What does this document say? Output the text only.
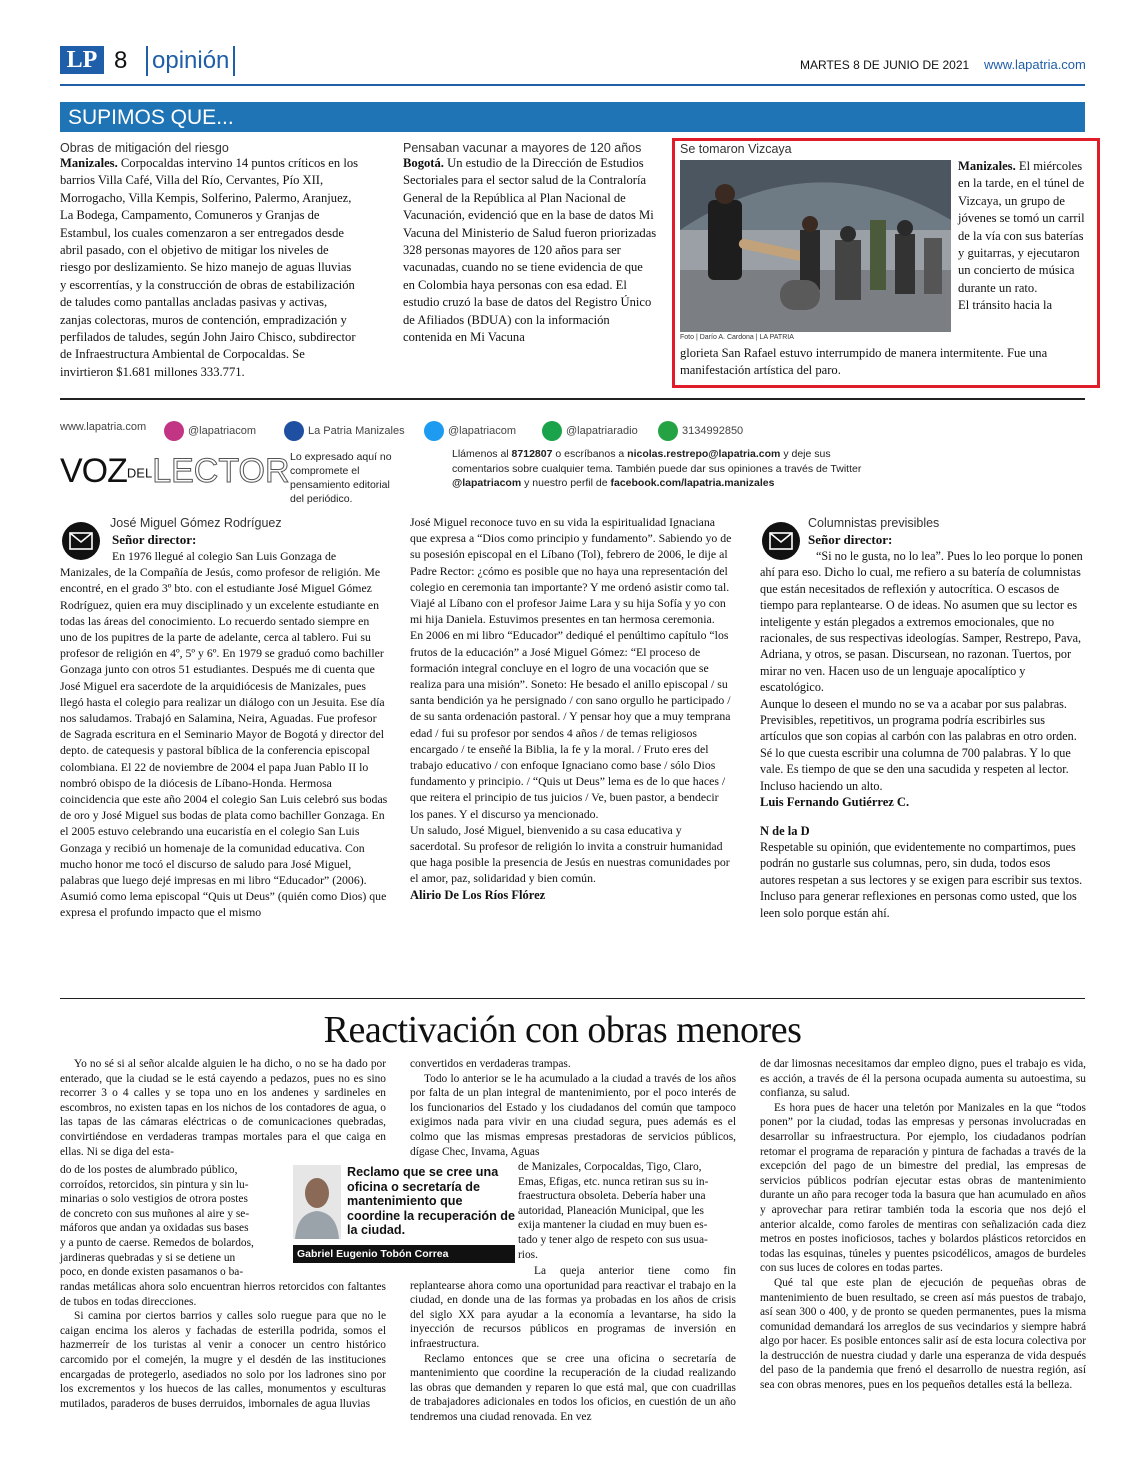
LP 8 opinión	MARTES 8 DE JUNIO DE 2021 www.lapatria.com
SUPIMOS QUE...
Obras de mitigación del riesgo

Manizales. Corpocaldas intervino 14 puntos críticos en los barrios Villa Café, Villa del Río, Cervantes, Pío XII, Morrogacho, Villa Kempis, Solferino, Palermo, Aranjuez, La Bodega, Campamento, Comuneros y Granjas de Estambul, los cuales comenzaron a ser entregados desde abril pasado, con el objetivo de mitigar los niveles de riesgo por deslizamiento. Se hizo manejo de aguas lluvias y escorrentías, y la construcción de obras de estabilización de taludes como pantallas ancladas pasivas y activas, zanjas colectoras, muros de contención, empradización y perfilados de taludes, según John Jairo Chisco, subdirector de Infraestructura Ambiental de Corpocaldas. Se invirtieron $1.681 millones 333.771.

Pensaban vacunar a mayores de 120 años

Bogotá. Un estudio de la Dirección de Estudios Sectoriales para el sector salud de la Contraloría General de la República al Plan Nacional de Vacunación, evidenció que en la base de datos Mi Vacuna del Ministerio de Salud fueron priorizadas 328 personas mayores de 120 años para ser vacunadas, cuando no se tiene evidencia de que en Colombia haya personas con esa edad. El estudio cruzó la base de datos del Registro Único de Afiliados (BDUA) con la información contenida en Mi Vacuna

Se tomaron Vizcaya
Foto | Darío A. Cardona | LA PATRIA

Manizales. El miércoles en la tarde, en el túnel de Vizcaya, un grupo de jóvenes se tomó un carril de la vía con sus baterías y guitarras, y ejecutaron un concierto de música durante un rato.

El tránsito hacia la

glorieta San Rafael estuvo interrumpido de manera intermitente. Fue una manifestación artística del paro.

www.lapatria.com	@lapatriacom	La Patria Manizales	@lapatriacom	@lapatriaradio	3134992850
VOZDELLECTOR Lo expresado aquí no compromete el pensamiento editorial del periódico.
Llámenos al 8712807 o escríbanos a nicolas.restrepo@lapatria.com y deje sus comentarios sobre cualquier tema. También puede dar sus opiniones a través de Twitter @lapatriacom y nuestro perfil de facebook.com/lapatria.manizales
José Miguel Gómez Rodríguez
Señor director:

En 1976 llegué al colegio San Luis Gonzaga de Manizales, de la Compañía de Jesús, como profesor de religión. Me encontré, en el grado 3º bto. con el estudiante José Miguel Gómez Rodríguez, quien era muy disciplinado y un excelente estudiante en todas las áreas del conocimiento. Lo recuerdo sentado siempre en uno de los pupitres de la parte de adelante, cerca al tablero. Fui su profesor de religión en 4º, 5º y 6º. En 1979 se graduó como bachiller Gonzaga junto con otros 51 estudiantes. Después me di cuenta que José Miguel era sacerdote de la arquidiócesis de Manizales, pues llegó hasta el colegio para realizar un diálogo con un Jesuita. Ese día nos saludamos. Trabajó en Salamina, Neira, Aguadas. Fue profesor de Sagrada escritura en el Seminario Mayor de Bogotá y director del depto. de catequesis y pastoral bíblica de la conferencia episcopal colombiana. El 22 de noviembre de 2004 el papa Juan Pablo II lo nombró obispo de la diócesis de Líbano-Honda. Hermosa coincidencia que este año 2004 el colegio San Luis celebró sus bodas de oro y José Miguel sus bodas de plata como bachiller Gonzaga. En el 2005 estuvo celebrando una eucaristía en el colegio San Luis Gonzaga y recibió un homenaje de la comunidad educativa. Con mucho honor me tocó el discurso de saludo para José Miguel, palabras que luego dejé impresas en mi libro “Educador” (2006).

Asumió como lema episcopal “Quis ut Deus” (quién como Dios) que expresa el profundo impacto que el mismo

José Miguel reconoce tuvo en su vida la espiritualidad Ignaciana que expresa a “Dios como principio y fundamento”. Sabiendo yo de su posesión episcopal en el Líbano (Tol), febrero de 2006, le dije al Padre Rector: ¿cómo es posible que no haya una representación del colegio en ceremonia tan importante? Y me ordenó asistir como tal. Viajé al Líbano con el profesor Jaime Lara y su hija Sofía y yo con mi hija Daniela. Estuvimos presentes en tan hermosa ceremonia.

En 2006 en mi libro “Educador” dediqué el penúltimo capítulo “los frutos de la educación” a José Miguel Gómez: “El proceso de formación integral concluye en el logro de una vocación que se realiza para una misión”. Soneto: He besado el anillo episcopal / su santa bendición ya he persignado / con sano orgullo he participado / de su santa ordenación pastoral. / Y pensar hoy que a muy temprana edad / fui su profesor por sendos 4 años / de temas religiosos encargado / te enseñé la Biblia, la fe y la moral. / Fruto eres del trabajo educativo / con enfoque Ignaciano como base / sólo Dios fundamento y principio. / “Quis ut Deus” lema es de lo que haces / que reitera el principio de tus juicios / Ve, buen pastor, a bendecir los panes. Y el discurso ya mencionado.

Un saludo, José Miguel, bienvenido a su casa educativa y sacerdotal. Su profesor de religión lo invita a construir humanidad que haga posible la presencia de Jesús en nuestras comunidades por el amor, paz, solidaridad y bien común.

Alirio De Los Ríos Flórez

Columnistas previsibles
Señor director:

“Si no le gusta, no lo lea”. Pues lo leo porque lo ponen ahí para eso. Dicho lo cual, me refiero a su batería de columnistas que están necesitados de reflexión y autocrítica. O escasos de tiempo para replantearse. O de ideas. No asumen que su lector es inteligente y están plegados a extremos emocionales, que no racionales, de sus respectivas ideologías. Samper, Restrepo, Pava, Adriana, y otros, se pasan. Discursean, no razonan. Tuertos, por mirar no ven. Hacen uso de un lenguaje apocalíptico y escatológico.

Aunque lo deseen el mundo no se va a acabar por sus palabras. Previsibles, repetitivos, un programa podría escribirles sus artículos que son copias al carbón con las palabras en otro orden. Sé lo que cuesta escribir una columna de 700 palabras. Y lo que vale. Es tiempo de que se den una sacudida y respeten al lector. Incluso haciendo un alto.

Luis Fernando Gutiérrez C.

N de la D

Respetable su opinión, que evidentemente no compartimos, pues podrán no gustarle sus columnas, pero, sin duda, todos esos autores respetan a sus lectores y se exigen para escribir sus textos. Incluso para generar reflexiones en personas como usted, que los leen solo porque están ahí.

Reactivación con obras menores

Yo no sé si al señor alcalde alguien le ha dicho, o no se ha dado por enterado, que la ciudad se le está cayendo a pedazos, pues no es sino recorrer 3 o 4 calles y se topa uno en los andenes y sardineles en escombros, no existen tapas en los nichos de los contadores de agua, o las tapas de las cámaras eléctricas o de comunicaciones quebradas, convirtiéndose en verdaderas trampas mortales para el que caiga en ellas. Ni se diga del esta-

do de los postes de alumbrado público,

corroídos, retorcidos, sin pintura y sin lu-

minarias o solo vestigios de otrora postes

de concreto con sus muñones al aire y se-

máforos que andan ya oxidadas sus bases

y a punto de caerse. Remedos de bolardos,

jardineras quebradas y si se detiene un

poco, en donde existen pasamanos o ba-

randas metálicas ahora solo encuentran hierros retorcidos con faltantes de tubos en todas direcciones.

Si camina por ciertos barrios y calles solo ruegue para que no le caigan encima los aleros y fachadas de esterilla podrida, somos el hazmerreír de los turistas al venir a conocer un centro histórico carcomido por el comején, la mugre y el desdén de las instituciones encargadas de protegerlo, asediados no solo por los ladrones sino por los excrementos y los huecos de las calles, monumentos y esculturas mutilados, paraderos de buses derruidos, imbornales de agua lluvias

Reclamo que se cree una oficina o secretaría de mantenimiento que coordine la recuperación de la ciudad.
Gabriel Eugenio Tobón Correa

convertidos en verdaderas trampas.

Todo lo anterior se le ha acumulado a la ciudad a través de los años por falta de un plan integral de mantenimiento, por el poco interés de los funcionarios del Estado y los ciudadanos del común que tampoco exigimos nada para vivir en una ciudad segura, pues además es el colmo que las mismas empresas prestadoras de servicios públicos, dígase Chec, Invama, Aguas

de Manizales, Corpocaldas, Tigo, Claro,

Emas, Efigas, etc. nunca retiran sus su in-

fraestructura obsoleta. Debería haber una

autoridad, Planeación Municipal, que les

exija mantener la ciudad en muy buen es-

tado y tener algo de respeto con sus usua-

rios.

La queja anterior tiene como fin replantearse ahora como una oportunidad para reactivar el trabajo en la ciudad, en donde una de las formas ya probadas en los años de crisis del siglo XX para ayudar a la economía a levantarse, ha sido la inyección de recursos públicos en programas de inversión en infraestructura.

Reclamo entonces que se cree una oficina o secretaría de mantenimiento que coordine la recuperación de la ciudad realizando las obras que demanden y reparen lo que está mal, que con cuadrillas de trabajadores adicionales en todos los oficios, en cuestión de un año tendremos una ciudad renovada. En vez

de dar limosnas necesitamos dar empleo digno, pues el trabajo es vida, es acción, a través de él la persona ocupada aumenta su autoestima, su confianza, su salud.

Es hora pues de hacer una teletón por Manizales en la que “todos ponen” por la ciudad, todas las empresas y personas involucradas en desarrollar su infraestructura. Por ejemplo, los ciudadanos podrían retomar el programa de reparación y pintura de fachadas a través de la excepción del pago de un bimestre del predial, las empresas de servicios públicos podrían ejecutar estas obras de mantenimiento durante un año para recoger toda la basura que han acumulado en años y aprovechar para retirar también toda la escoria que nos dejó el anterior alcalde, como faroles de mentiras con señalización cada diez metros en postes inoficiosos, taches y bolardos plásticos retorcidos en todas las esquinas, túneles y puentes psicodélicos, amagos de burdeles con sus luces de colores en todas partes.

Qué tal que este plan de ejecución de pequeñas obras de mantenimiento de buen resultado, se creen así más puestos de trabajo, así sean 300 o 400, y de pronto se queden permanentes, pues la misma comunidad demandará los arreglos de sus vecindarios y siempre habrá algo por hacer. Es posible entonces salir así de esta locura colectiva por la destrucción de nuestra ciudad y darle una esperanza de vida después del paso de la pandemia que frenó el desarrollo de nuestra región, así sea con obras menores, pues en los pequeños detalles está la belleza.
